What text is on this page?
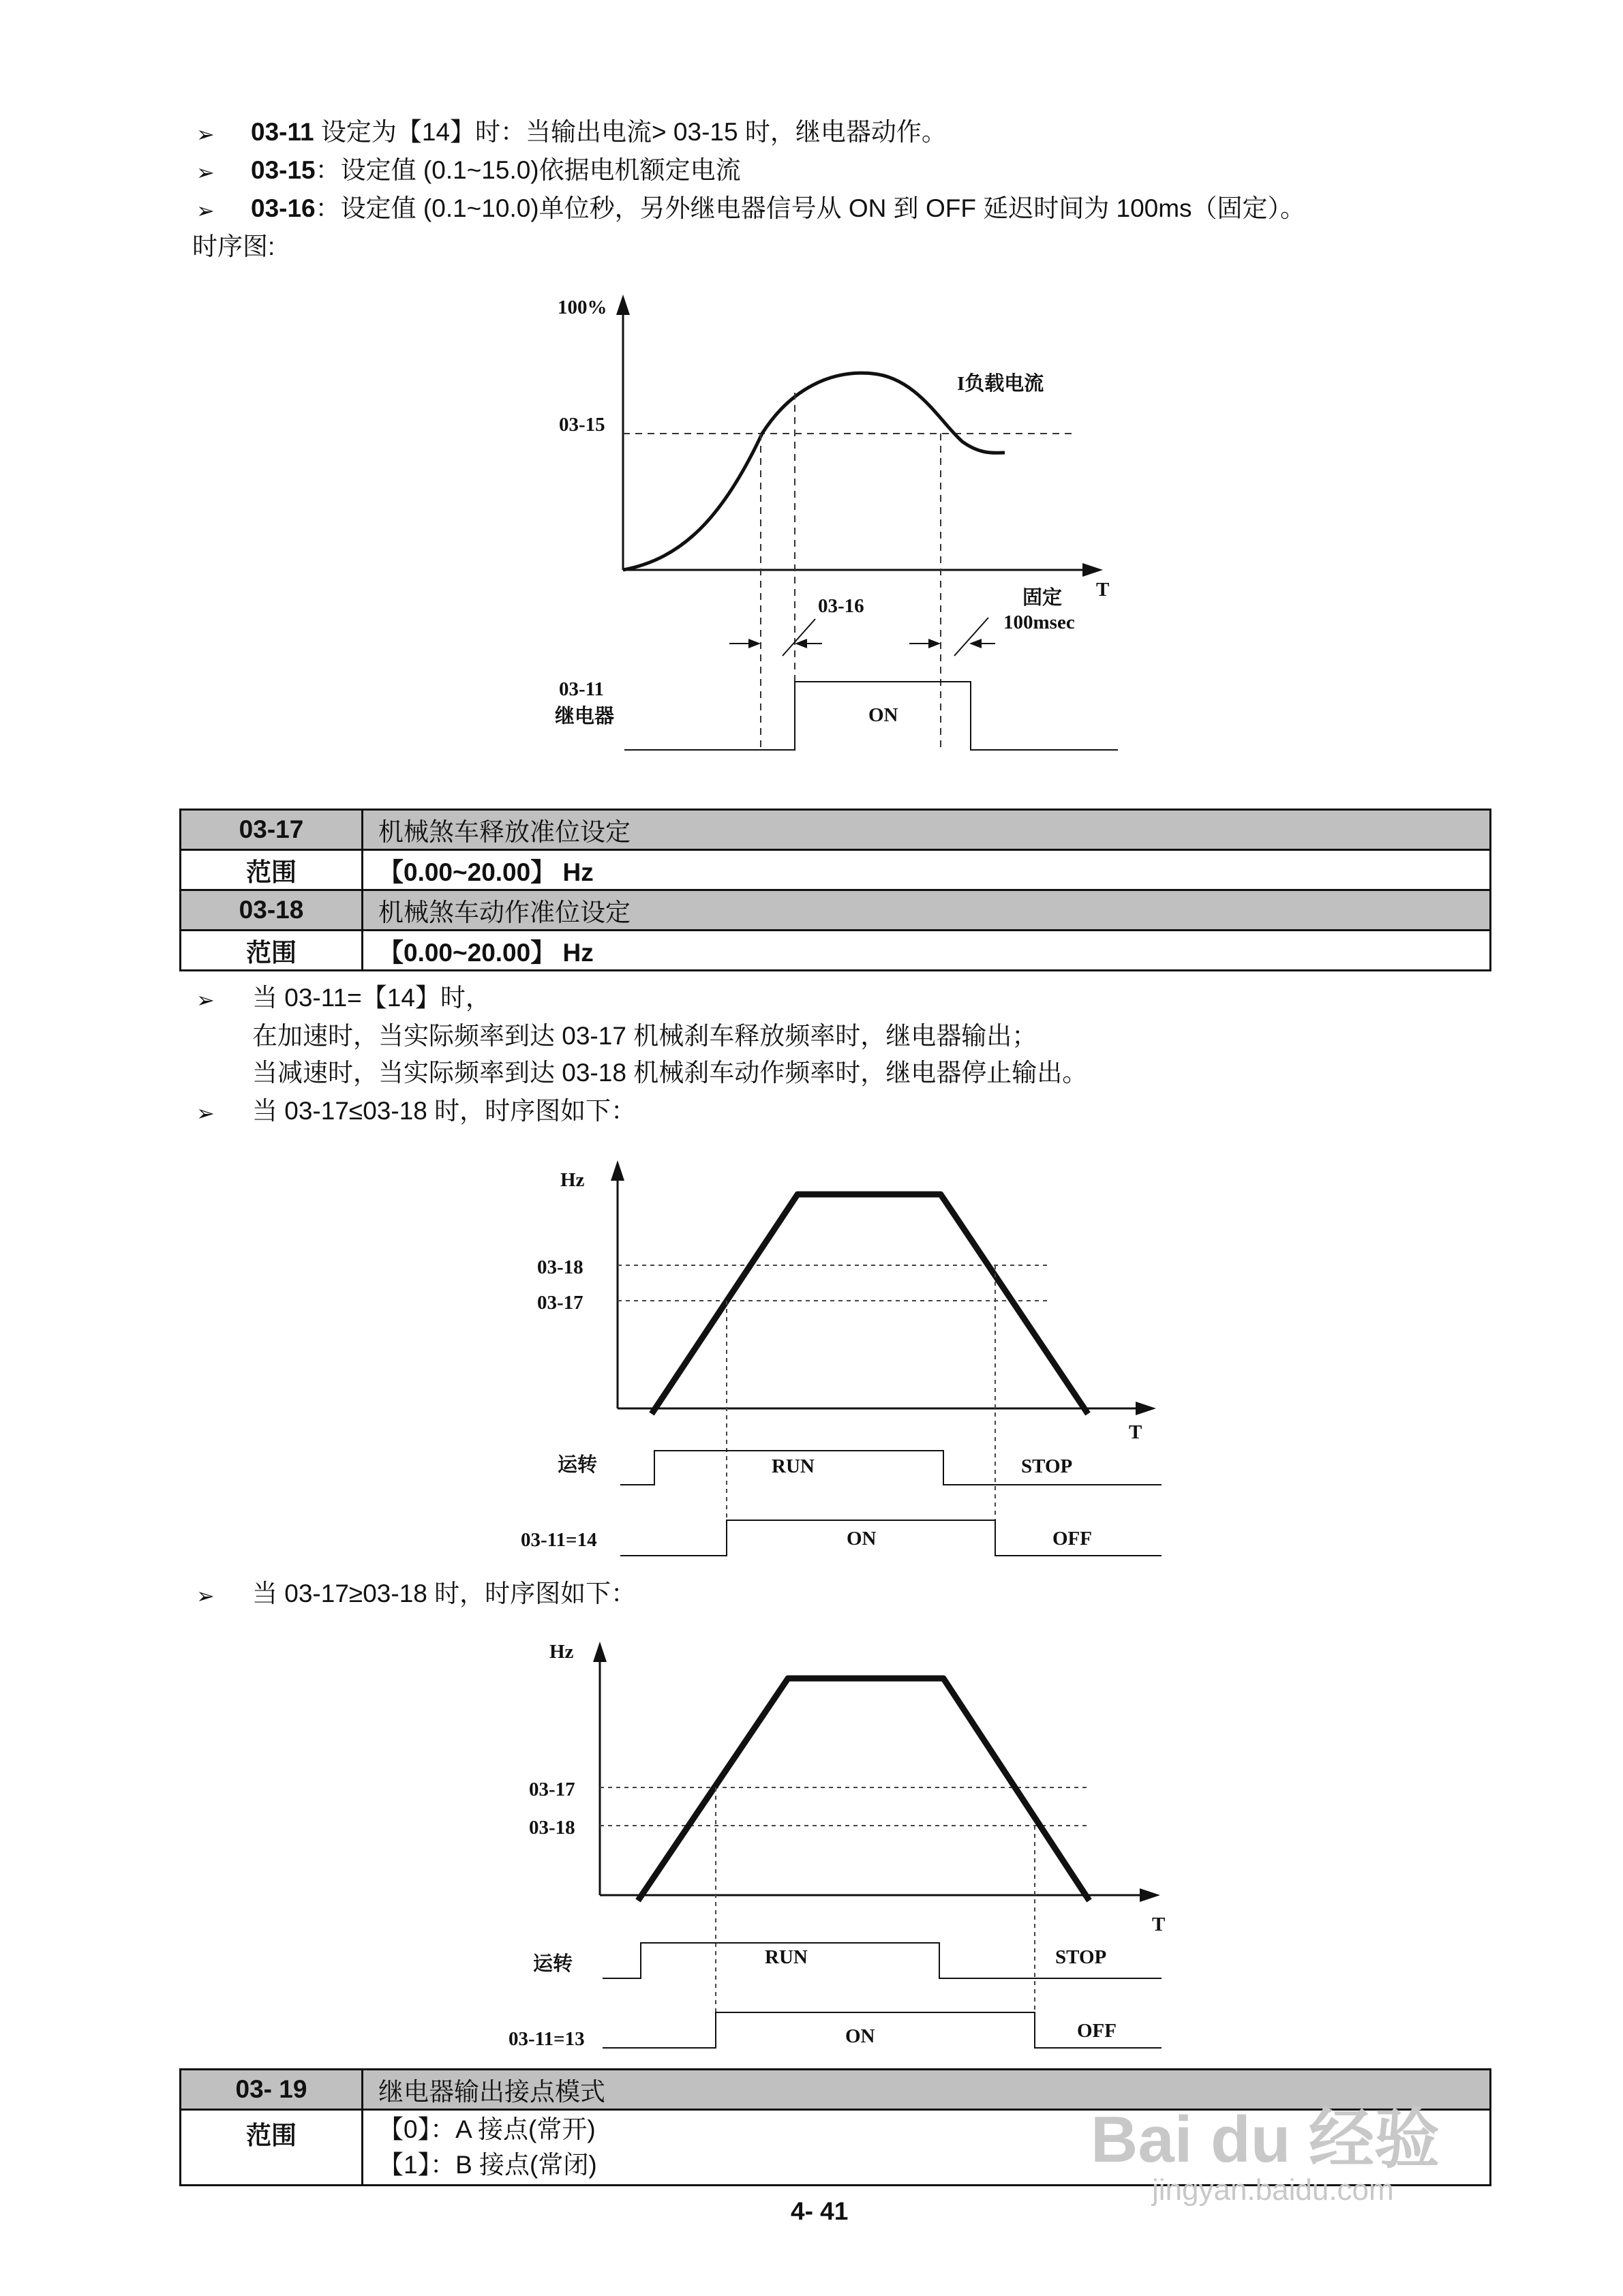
➢ 03-11 设定为【14】时：当输出电流> 03-15 时，继电器动作。
➢ 03-15：设定值 (0.1~15.0)依据电机额定电流
➢ 03-16：设定值 (0.1~10.0)单位秒，另外继电器信号从 ON 到 OFF 延迟时间为 100ms（固定）。
时序图:
100%
03-15
T
I负载电流
03-16	固定
100msec
03-11
继电器	ON
Hz
T
03-18
03-17
运转	RUN	STOP
03-11=14	ON	OFF
Hz
T
03-17
03-18
运转	RUN	STOP
03-11=13	ON	OFF
03-17	机械煞车释放准位设定
范围	【0.00~20.00】 Hz
03-18	机械煞车动作准位设定
范围	【0.00~20.00】 Hz
➢ 当 03-11=【14】时，
在加速时，当实际频率到达 03-17 机械刹车释放频率时，继电器输出；
当减速时，当实际频率到达 03-18 机械刹车动作频率时，继电器停止输出。
➢ 当 03-17≤03-18 时，时序图如下：
➢ 当 03-17≥03-18 时，时序图如下：
03- 19	继电器输出接点模式
范围	【0】：A 接点(常开)
【1】：B 接点(常闭)
4- 41
Bai du 经验
jingyan.baidu.com
